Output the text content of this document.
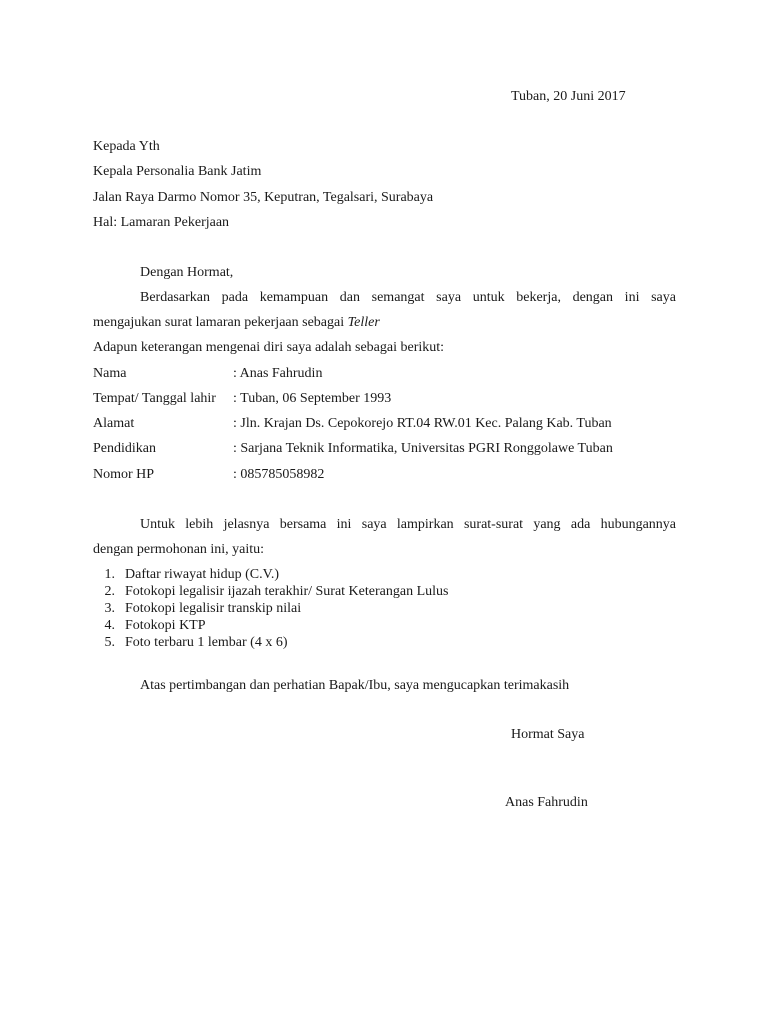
Tuban, 20 Juni 2017
Kepada Yth
Kepala Personalia Bank Jatim
Jalan Raya Darmo Nomor 35, Keputran, Tegalsari, Surabaya
Hal: Lamaran Pekerjaan
Dengan Hormat,
Berdasarkan pada kemampuan dan semangat saya untuk bekerja, dengan ini saya
mengajukan surat lamaran pekerjaan sebagai Teller
Adapun keterangan mengenai diri saya adalah sebagai berikut:
Nama	: Anas Fahrudin
Tempat/ Tanggal lahir : Tuban, 06 September 1993
Alamat	: Jln. Krajan Ds. Cepokorejo RT.04 RW.01 Kec. Palang Kab. Tuban
Pendidikan	: Sarjana Teknik Informatika, Universitas PGRI Ronggolawe Tuban
Nomor HP	: 085785058982
Untuk lebih jelasnya bersama ini saya lampirkan surat-surat yang ada hubungannya
dengan permohonan ini, yaitu:
1. Daftar riwayat hidup (C.V.)
2. Fotokopi legalisir ijazah terakhir/ Surat Keterangan Lulus
3. Fotokopi legalisir transkip nilai
4. Fotokopi KTP
5. Foto terbaru 1 lembar (4 x 6)
Atas pertimbangan dan perhatian Bapak/Ibu, saya mengucapkan terimakasih
Hormat Saya
Anas Fahrudin
